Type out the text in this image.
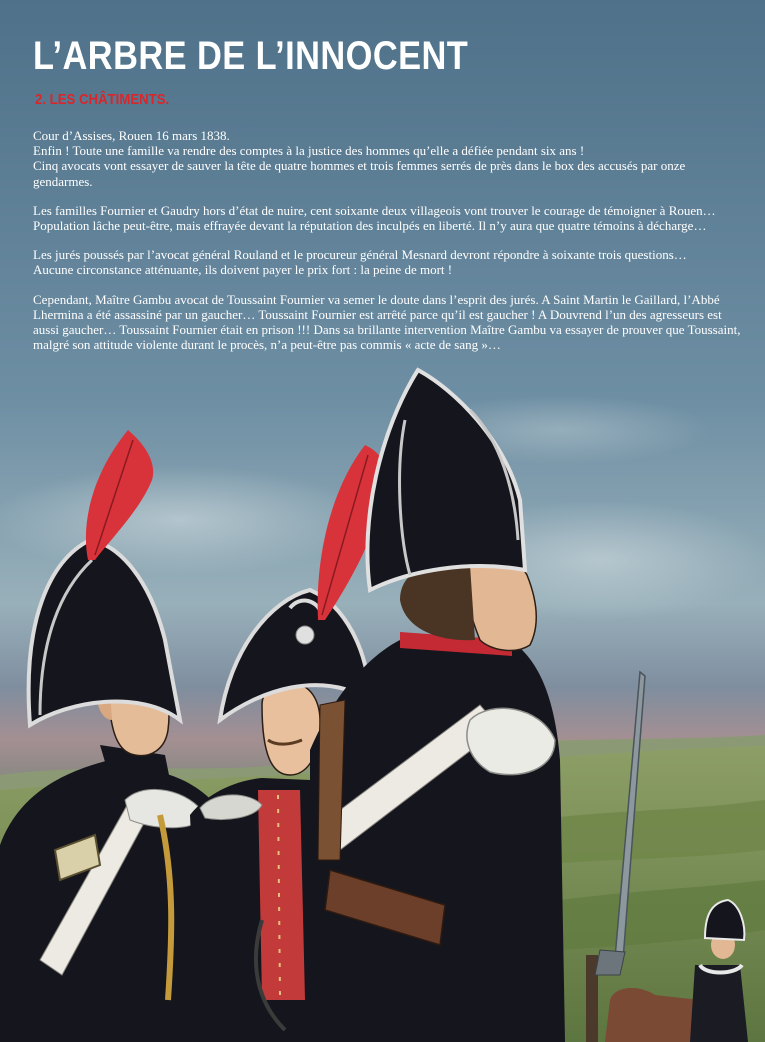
L’ARBRE DE L’INNOCENT
2. LES CHÂTIMENTS.

Cour d’Assises, Rouen 16 mars 1838.
Enfin ! Toute une famille va rendre des comptes à la justice des hommes qu’elle a défiée pendant six ans !
Cinq avocats vont essayer de sauver la tête de quatre hommes et trois femmes serrés de près dans le box des accusés par onze
gendarmes.

Les familles Fournier et Gaudry hors d’état de nuire, cent soixante deux villageois vont trouver le courage de témoigner à Rouen…
Population lâche peut-être, mais effrayée devant la réputation des inculpés en liberté. Il n’y aura que quatre témoins à décharge…

Les jurés poussés par l’avocat général Rouland et le procureur général Mesnard devront répondre à soixante trois questions…
Aucune circonstance atténuante, ils doivent payer le prix fort : la peine de mort !

Cependant, Maître Gambu avocat de Toussaint Fournier va semer le doute dans l’esprit des jurés. A Saint Martin le Gaillard, l’Abbé
Lhermina a été assassiné par un gaucher… Toussaint Fournier est arrêté parce qu’il est gaucher ! A Douvrend l’un des agresseurs est
aussi gaucher… Toussaint Fournier était en prison !!! Dans sa brillante intervention Maître Gambu va essayer de prouver que Toussaint,
malgré son attitude violente durant le procès, n’a peut-être pas commis « acte de sang »…
